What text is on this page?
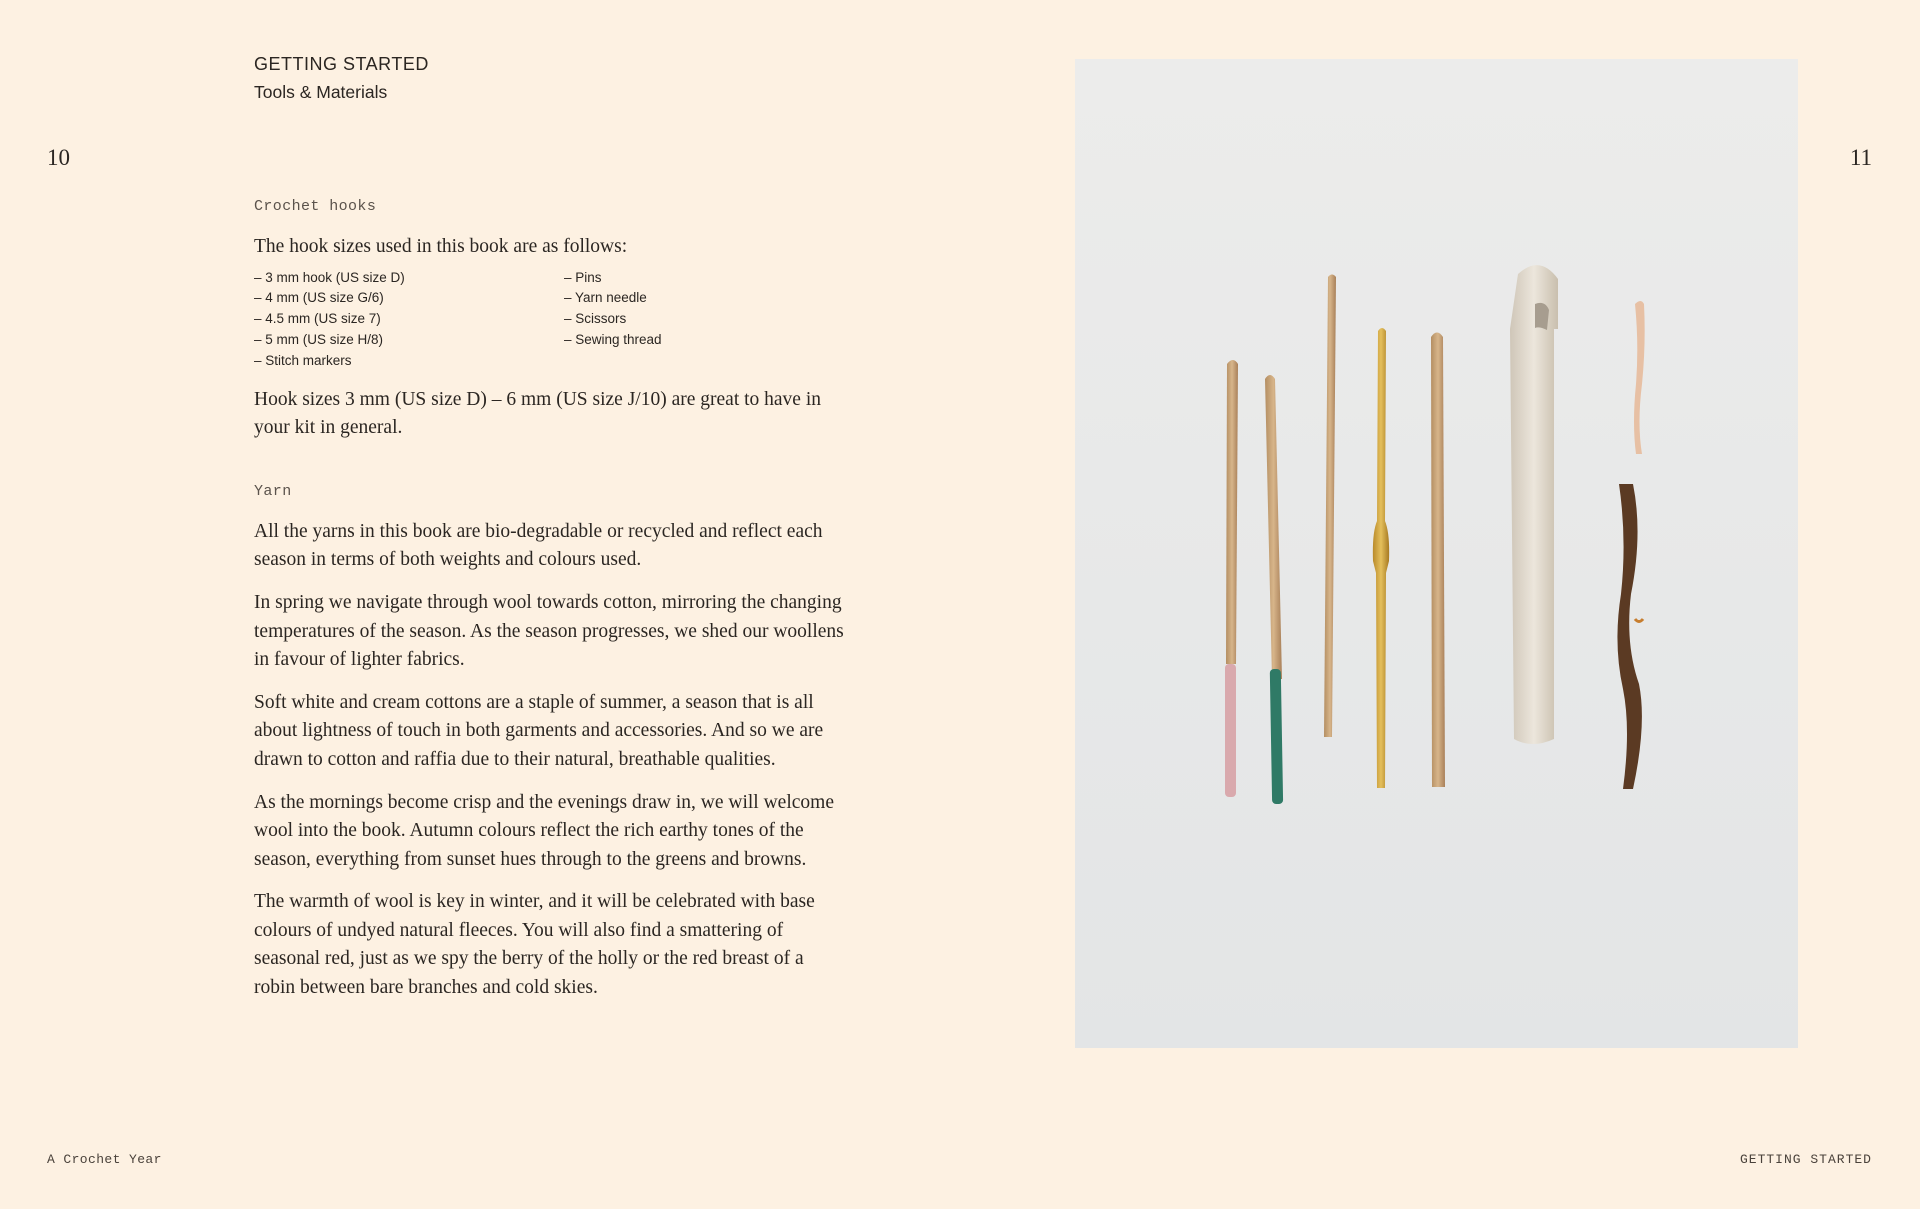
GETTING STARTED
Tools & Materials
10	11

Crochet hooks

The hook sizes used in this book are as follows:

– 3 mm hook (US size D)
– 4 mm (US size G/6)
– 4.5 mm (US size 7)
– 5 mm (US size H/8)
– Stitch markers
– Pins
– Yarn needle
– Scissors
– Sewing thread

Hook sizes 3 mm (US size D) – 6 mm (US size J/10) are great to have in your kit in general.

Yarn

All the yarns in this book are bio-degradable or recycled and reflect each season in terms of both weights and colours used.

In spring we navigate through wool towards cotton, mirroring the changing temperatures of the season. As the season progresses, we shed our woollens in favour of lighter fabrics.

Soft white and cream cottons are a staple of summer, a season that is all about lightness of touch in both garments and accessories. And so we are drawn to cotton and raffia due to their natural, breathable qualities.

As the mornings become crisp and the evenings draw in, we will welcome wool into the book. Autumn colours reflect the rich earthy tones of the season, everything from sunset hues through to the greens and browns.

The warmth of wool is key in winter, and it will be celebrated with base colours of undyed natural fleeces. You will also find a smattering of seasonal red, just as we spy the berry of the holly or the red breast of a robin between bare branches and cold skies.

A Crochet Year	GETTING STARTED
